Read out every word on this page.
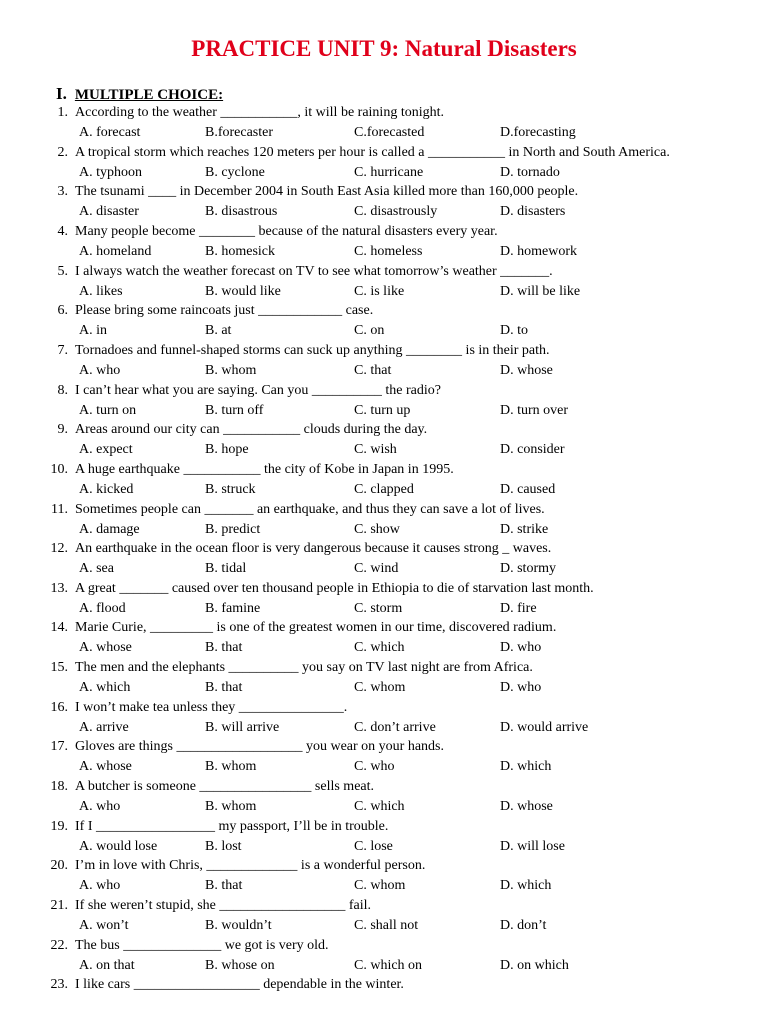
PRACTICE UNIT 9: Natural Disasters
I. MULTIPLE CHOICE:
1. According to the weather ___________, it will be raining tonight.
A. forecast	B.forecaster	C.forecasted	D.forecasting
2. A tropical storm which reaches 120 meters per hour is called a ___________ in North and South America.
A. typhoon	B. cyclone	C. hurricane	D. tornado
3. The tsunami ____ in December 2004 in South East Asia killed more than 160,000 people.
A. disaster	B. disastrous	C. disastrously	D. disasters
4. Many people become ________ because of the natural disasters every year.
A. homeland	B. homesick	C. homeless	D. homework
5. I always watch the weather forecast on TV to see what tomorrow’s weather _______.
A. likes	B. would like	C. is like	D. will be like
6. Please bring some raincoats just ____________ case.
A. in	B. at	C. on	D. to
7. Tornadoes and funnel-shaped storms can suck up anything ________ is in their path.
A. who	B. whom	C. that	D. whose
8. I can’t hear what you are saying. Can you __________ the radio?
A. turn on	B. turn off	C. turn up	D. turn over
9. Areas around our city can ___________ clouds during the day.
A. expect	B. hope	C. wish	D. consider
10. A huge earthquake ___________ the city of Kobe in Japan in 1995.
A. kicked	B. struck	C. clapped	D. caused
11. Sometimes people can _______ an earthquake, and thus they can save a lot of lives.
A. damage	B. predict	C. show	D. strike
12. An earthquake in the ocean floor is very dangerous because it causes strong _ waves.
A. sea	B. tidal	C. wind	D. stormy
13. A great _______ caused over ten thousand people in Ethiopia to die of starvation last month.
A. flood	B. famine	C. storm	D. fire
14. Marie Curie, _________ is one of the greatest women in our time, discovered radium.
A. whose	B. that	C. which	D. who
15. The men and the elephants __________ you say on TV last night are from Africa.
A. which	B. that	C. whom	D. who
16. I won’t make tea unless they _______________.
A. arrive	B. will arrive	C. don’t arrive	D. would arrive
17. Gloves are things __________________ you wear on your hands.
A. whose	B. whom	C. who	D. which
18. A butcher is someone ________________ sells meat.
A. who	B. whom	C. which	D. whose
19. If I _________________ my passport, I’ll be in trouble.
A. would lose	B. lost	C. lose	D. will lose
20. I’m in love with Chris, _____________ is a wonderful person.
A. who	B. that	C. whom	D. which
21. If she weren’t stupid, she __________________ fail.
A. won’t	B. wouldn’t	C. shall not	D. don’t
22. The bus ______________ we got is very old.
A. on that	B. whose on	C. which on	D. on which
23. I like cars __________________ dependable in the winter.
